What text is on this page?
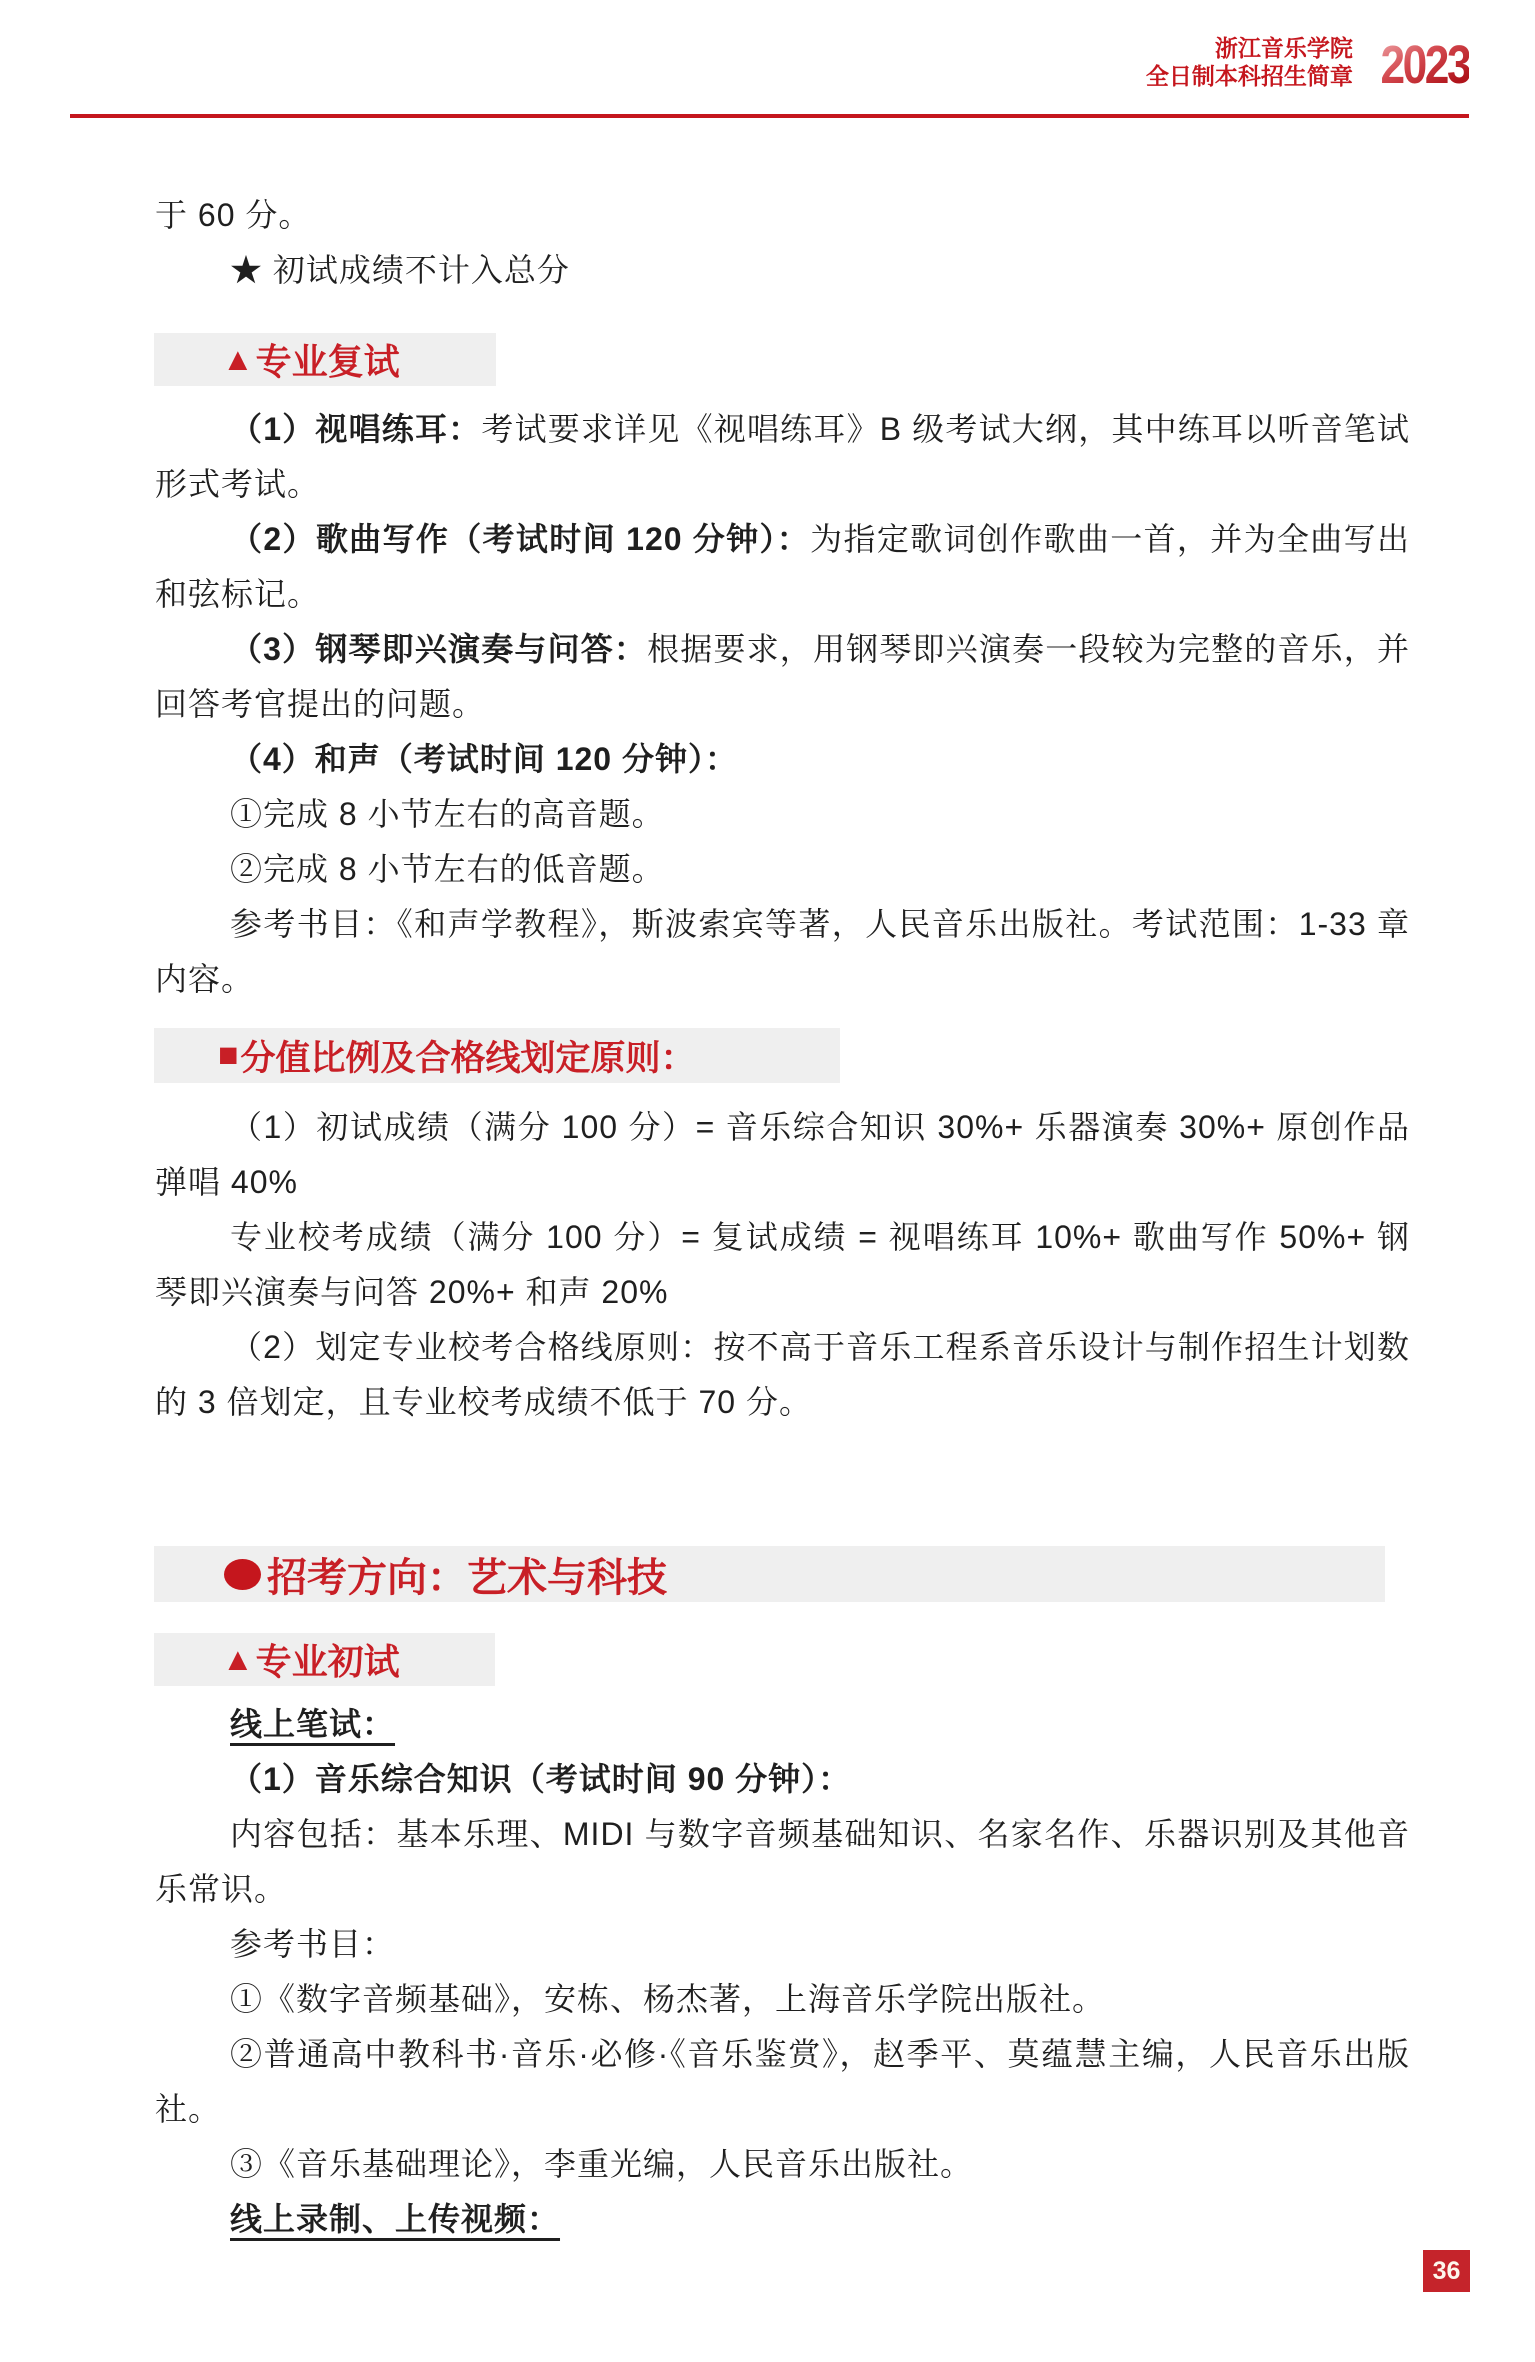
浙江音乐学院
全日制本科招生简章 2023

于 60 分。

★ 初试成绩不计入总分

▲ 专业复试

（1）视唱练耳：考试要求详见《视唱练耳》B 级考试大纲，其中练耳以听音笔试形式考试。

（2）歌曲写作（考试时间 120 分钟）：为指定歌词创作歌曲一首，并为全曲写出和弦标记。

（3）钢琴即兴演奏与问答：根据要求，用钢琴即兴演奏一段较为完整的音乐，并回答考官提出的问题。

（4）和声（考试时间 120 分钟）：

①完成 8 小节左右的高音题。

②完成 8 小节左右的低音题。

参考书目：《和声学教程》，斯波索宾等著，人民音乐出版社。考试范围：1-33 章内容。

■ 分值比例及合格线划定原则：

（1）初试成绩（满分 100 分）= 音乐综合知识 30%+ 乐器演奏 30%+ 原创作品弹唱 40%

专业校考成绩（满分 100 分）= 复试成绩 = 视唱练耳 10%+ 歌曲写作 50%+ 钢琴即兴演奏与问答 20%+ 和声 20%

（2）划定专业校考合格线原则：按不高于音乐工程系音乐设计与制作招生计划数的 3 倍划定，且专业校考成绩不低于 70 分。

招考方向：艺术与科技
▲ 专业初试

线上笔试：

（1）音乐综合知识（考试时间 90 分钟）：

内容包括：基本乐理、MIDI 与数字音频基础知识、名家名作、乐器识别及其他音乐常识。

参考书目：

①《数字音频基础》，安栋、杨杰著，上海音乐学院出版社。

②普通高中教科书·音乐·必修·《音乐鉴赏》，赵季平、莫蕴慧主编，人民音乐出版社。

③《音乐基础理论》，李重光编，人民音乐出版社。

线上录制、上传视频：

36
